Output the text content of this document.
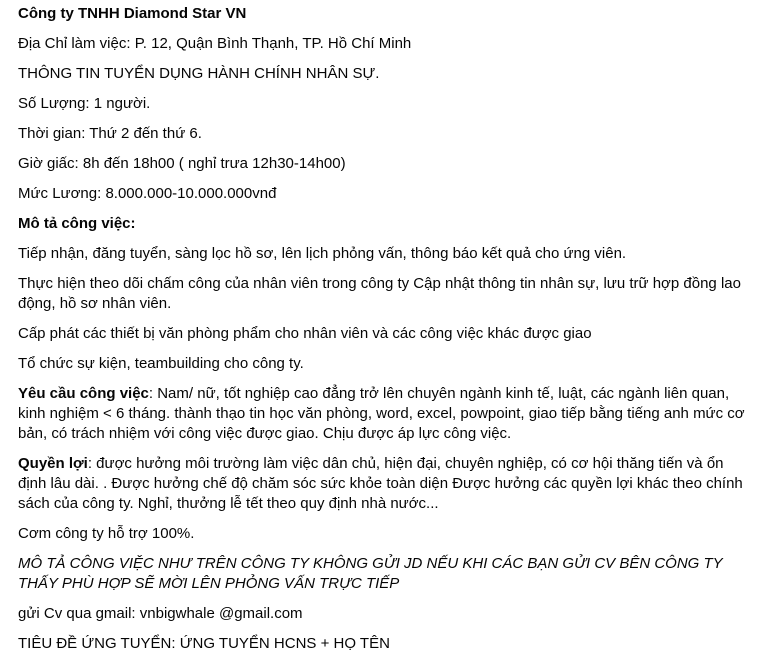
Công ty TNHH Diamond Star VN
Địa Chỉ làm việc: P. 12, Quận Bình Thạnh, TP. Hồ Chí Minh
THÔNG TIN TUYỂN DỤNG HÀNH CHÍNH NHÂN SỰ.
Số Lượng: 1 người.
Thời gian: Thứ 2 đến thứ 6.
Giờ giấc: 8h đến 18h00 ( nghỉ trưa 12h30-14h00)
Mức Lương: 8.000.000-10.000.000vnđ
Mô tả công việc:
Tiếp nhận, đăng tuyển, sàng lọc hồ sơ, lên lịch phỏng vấn, thông báo kết quả cho ứng viên.
Thực hiện theo dõi chấm công của nhân viên trong công ty Cập nhật thông tin nhân sự, lưu trữ hợp đồng lao động, hồ sơ nhân viên.
Cấp phát các thiết bị văn phòng phẩm cho nhân viên và các công việc khác được giao
Tổ chức sự kiện, teambuilding cho công ty.
Yêu cầu công việc: Nam/ nữ, tốt nghiệp cao đẳng trở lên chuyên ngành kinh tế, luật, các ngành liên quan, kinh nghiệm < 6 tháng. thành thạo tin học văn phòng, word, excel, powpoint, giao tiếp bằng tiếng anh mức cơ bản, có trách nhiệm với công việc được giao. Chịu được áp lực công việc.
Quyền lợi: được hưởng môi trường làm việc dân chủ, hiện đại, chuyên nghiệp, có cơ hội thăng tiến và ổn định lâu dài. . Được hưởng chế độ chăm sóc sức khỏe toàn diện Được hưởng các quyền lợi khác theo chính sách của công ty. Nghỉ, thưởng lễ tết theo quy định nhà nước...
Cơm công ty hỗ trợ 100%.
MÔ TẢ CÔNG VIỆC NHƯ TRÊN CÔNG TY KHÔNG GỬI JD NẾU KHI CÁC BẠN GỬI CV BÊN CÔNG TY THẤY PHÙ HỢP SẼ MỜI LÊN PHỎNG VẤN TRỰC TIẾP
gửi Cv qua gmail: vnbigwhale @gmail.com
TIÊU ĐỀ ỨNG TUYỂN: ỨNG TUYỂN HCNS + HỌ TÊN
